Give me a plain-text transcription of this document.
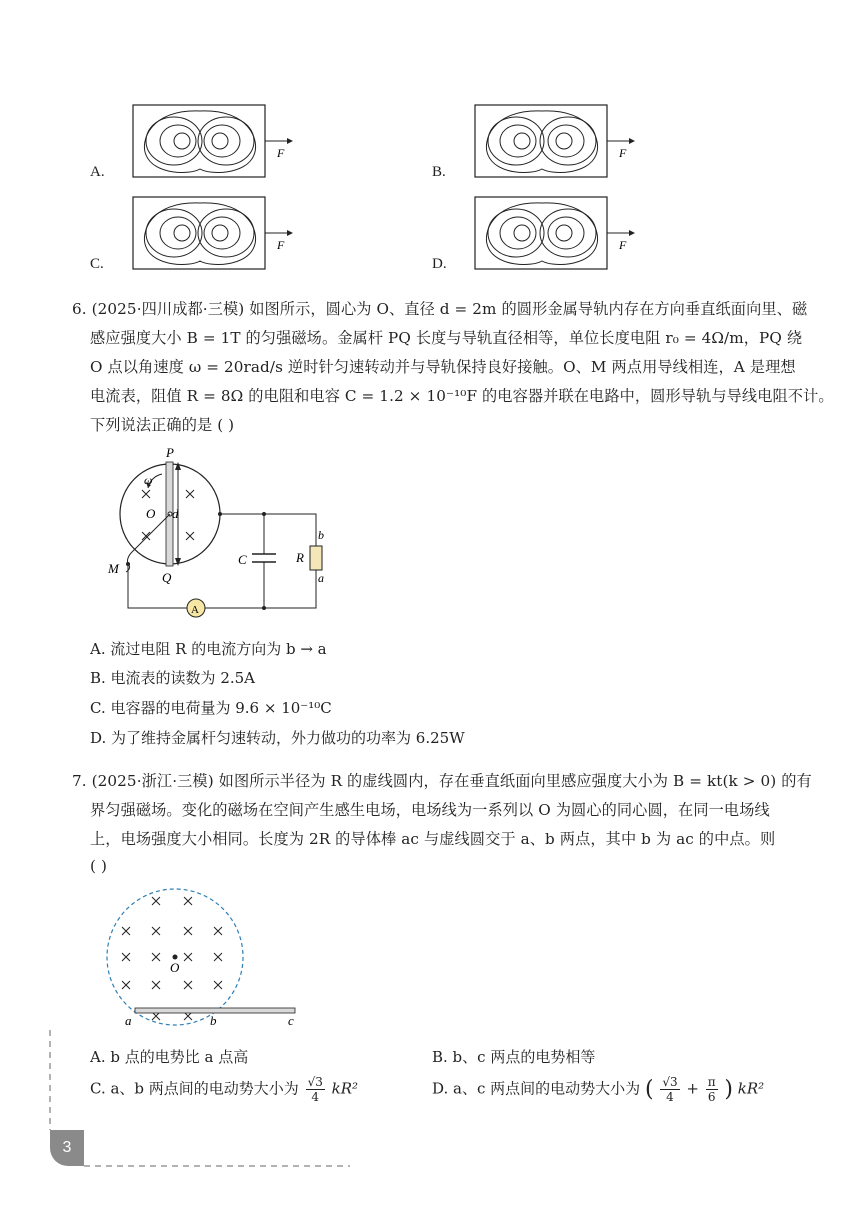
A.	B.
C.	D.
F	F
F	F
6. (2025·四川成都·三模) 如图所示，圆心为 O、直径 d = 2m 的圆形金属导轨内存在方向垂直纸面向里、磁
感应强度大小 B = 1T 的匀强磁场。金属杆 PQ 长度与导轨直径相等，单位长度电阻 r₀ = 4Ω/m，PQ 绕
O 点以角速度 ω = 20rad/s 逆时针匀速转动并与导轨保持良好接触。O、M 两点用导线相连，A 是理想
电流表，阻值 R = 8Ω 的电阻和电容 C = 1.2 × 10⁻¹⁰F 的电容器并联在电路中，圆形导轨与导线电阻不计。
下列说法正确的是 ( )
ω
P
Q
O d
M
C	R
b
a
A
A. 流过电阻 R 的电流方向为 b → a
B. 电流表的读数为 2.5A
C. 电容器的电荷量为 9.6 × 10⁻¹⁰C
D. 为了维持金属杆匀速转动，外力做功的功率为 6.25W
7. (2025·浙江·三模) 如图所示半径为 R 的虚线圆内，存在垂直纸面向里感应强度大小为 B = kt(k > 0) 的有
界匀强磁场。变化的磁场在空间产生感生电场，电场线为一系列以 O 为圆心的同心圆，在同一电场线
上，电场强度大小相同。长度为 2R 的导体棒 ac 与虚线圆交于 a、b 两点，其中 b 为 ac 的中点。则
( )
O
a	b	c
A. b 点的电势比 a 点高	B. b、c 两点的电势相等
C. a、b 两点间的电动势大小为 $\frac{√3}{4} kR^2$	D. a、c 两点间的电动势大小为 ( $\frac{√3}{4} + \frac{\pi}{6}$ ) kR²
3
